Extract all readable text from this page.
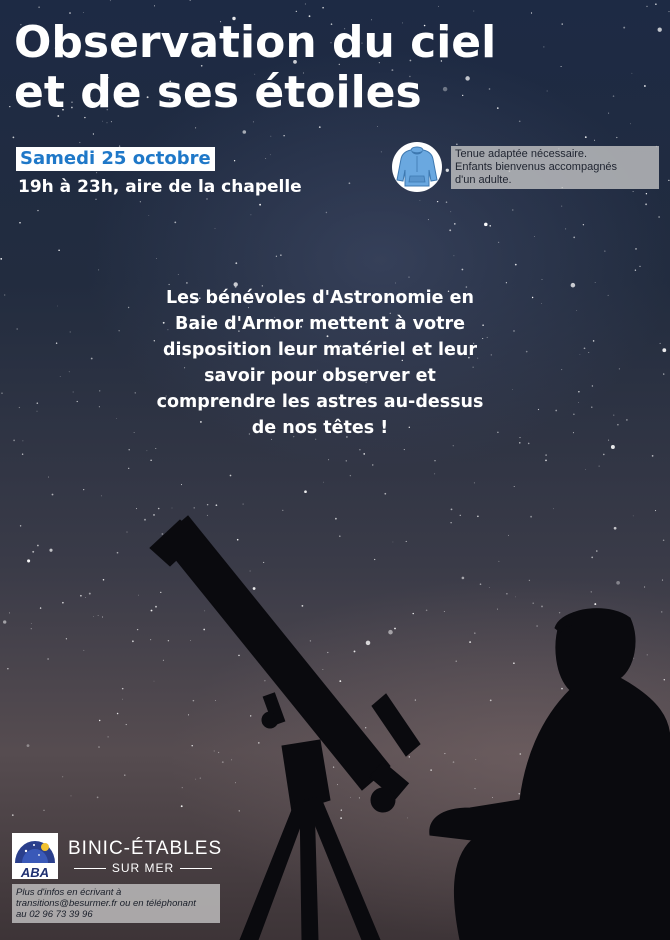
Observation du ciel
et de ses étoiles
Samedi 25 octobre
19h à 23h, aire de la chapelle
Tenue adaptée nécessaire.
Enfants bienvenus accompagnés
d'un adulte.
Les bénévoles d'Astronomie en
Baie d'Armor mettent à votre
disposition leur matériel et leur
savoir pour observer et
comprendre les astres au-dessus
de nos têtes !
ABA
BINIC-ÉTABLES
SUR MER
Plus d'infos en écrivant à
transitions@besurmer.fr ou en téléphonant
au 02 96 73 39 96
